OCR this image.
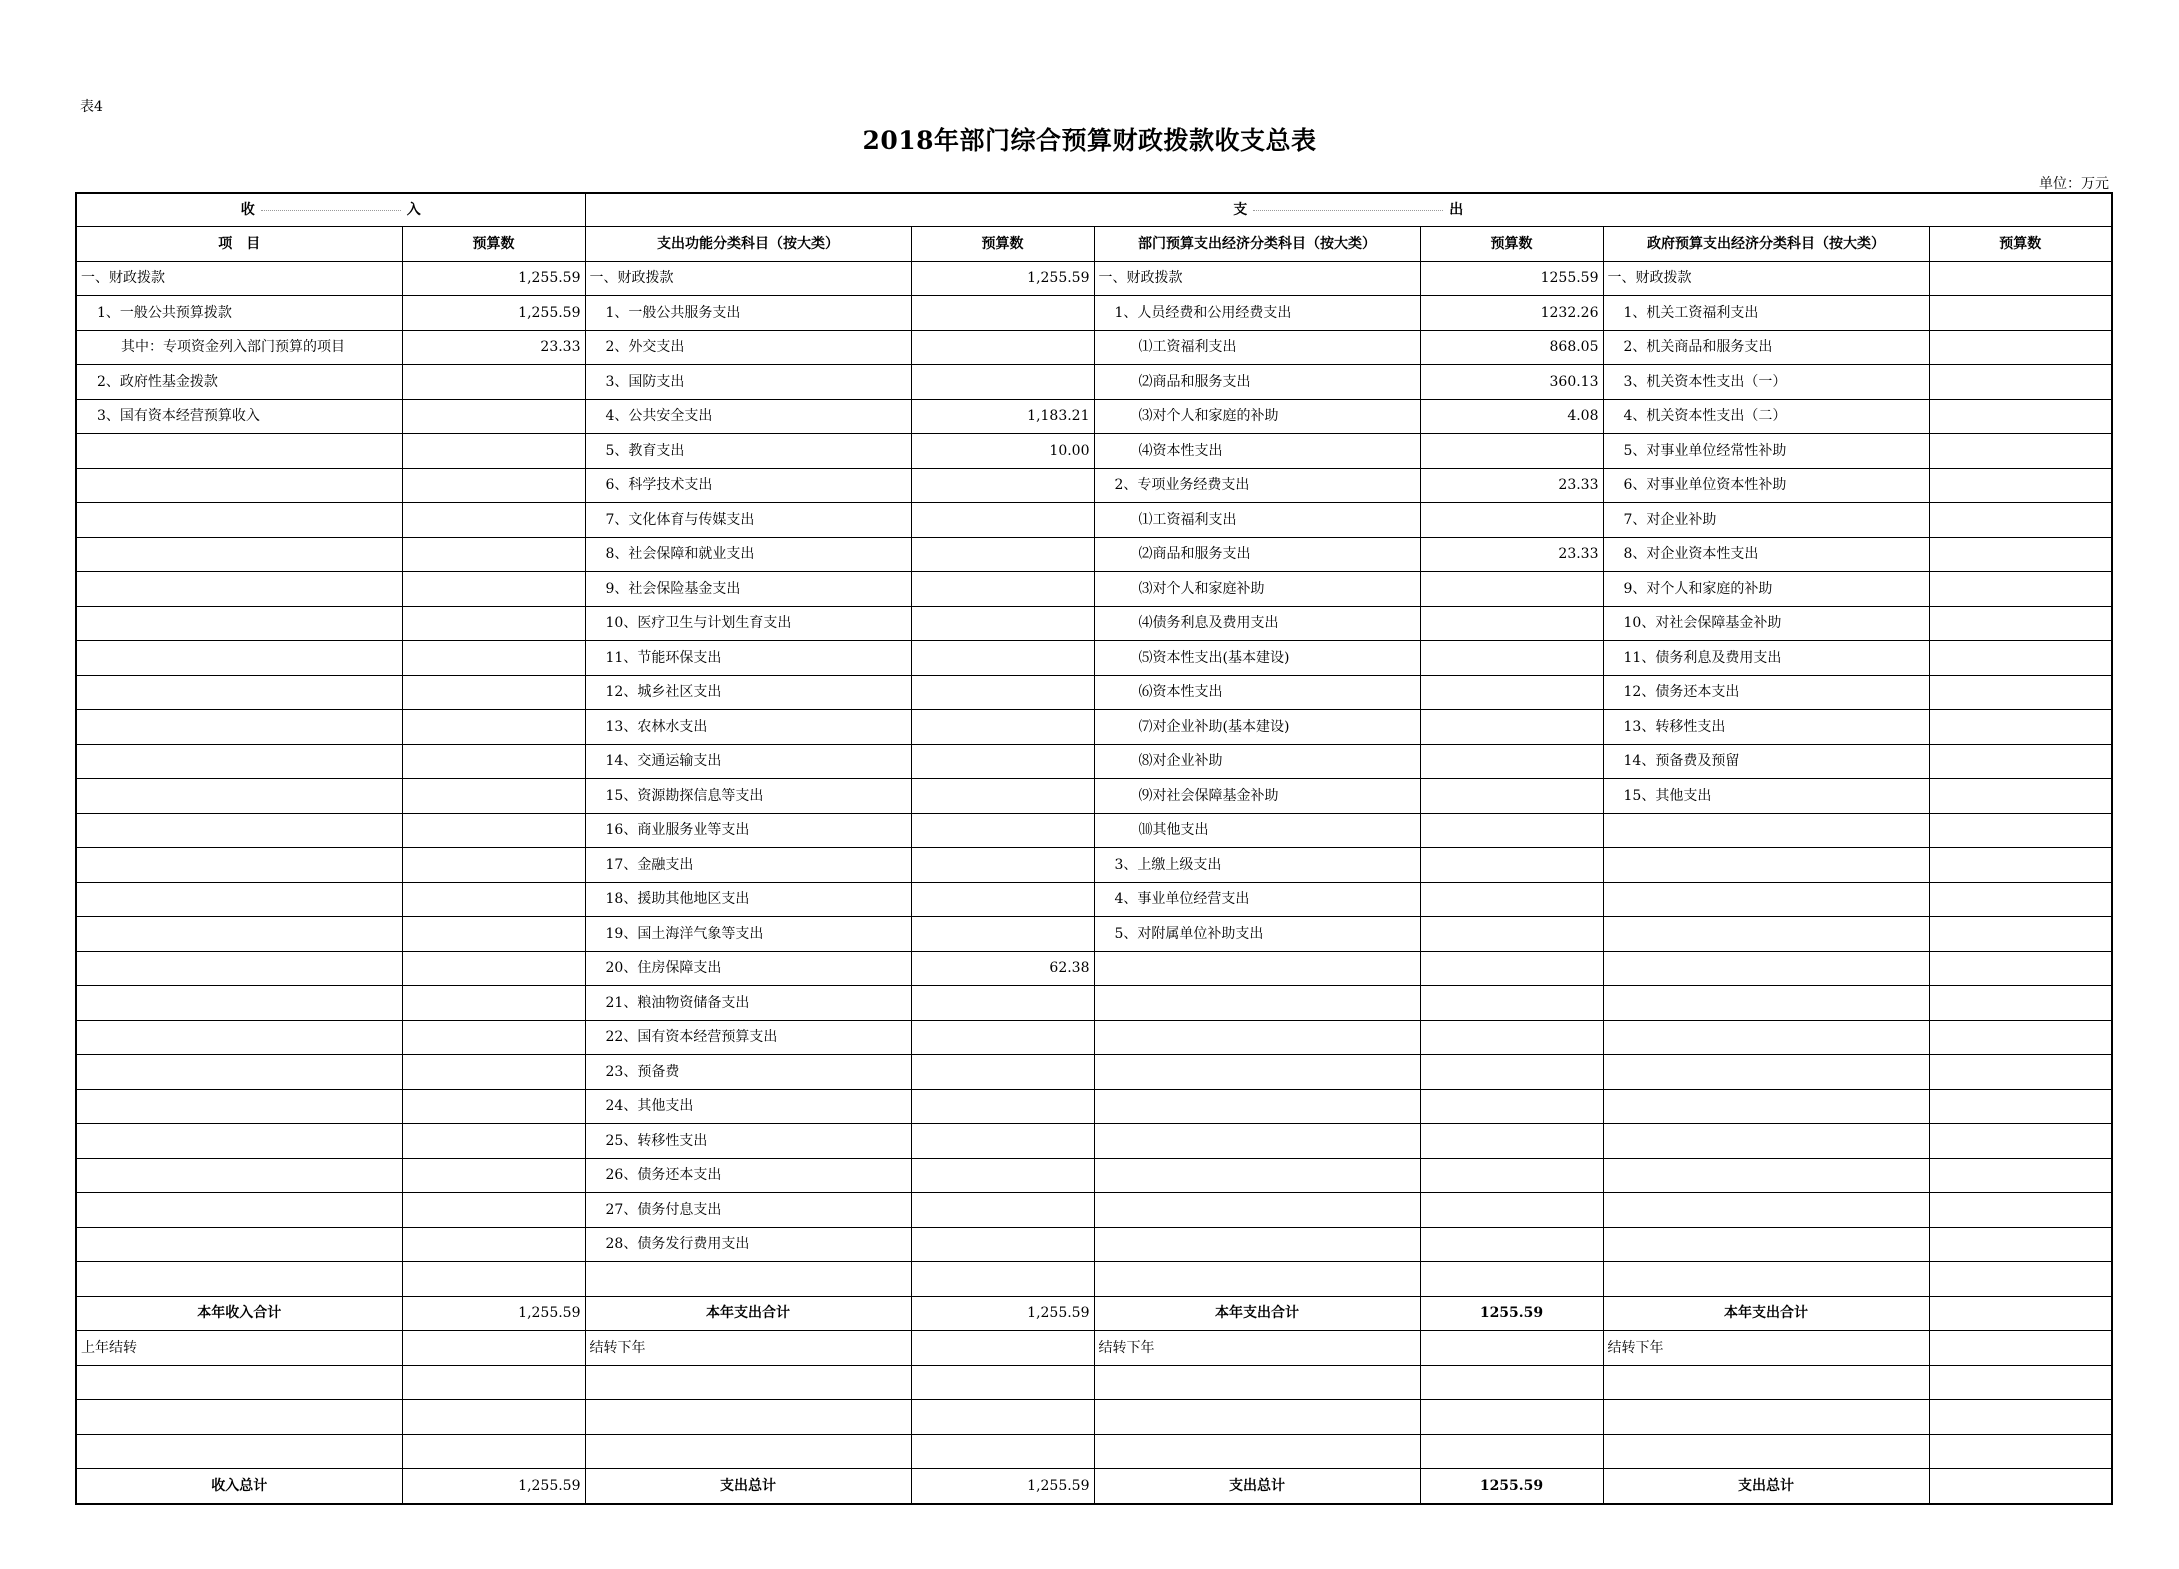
表4
2018年部门综合预算财政拨款收支总表
单位：万元
收 入		支 出					
项　目	预算数	支出功能分类科目（按大类）	预算数	部门预算支出经济分类科目（按大类）	预算数	政府预算支出经济分类科目（按大类）	预算数
一、财政拨款	1,255.59	一、财政拨款	1,255.59	一、财政拨款	1255.59	一、财政拨款	
1、一般公共预算拨款	1,255.59	1、一般公共服务支出		1、人员经费和公用经费支出	1232.26	1、机关工资福利支出	
其中：专项资金列入部门预算的项目	23.33	2、外交支出		⑴工资福利支出	868.05	2、机关商品和服务支出	
2、政府性基金拨款		3、国防支出		⑵商品和服务支出	360.13	3、机关资本性支出（一）	
3、国有资本经营预算收入		4、公共安全支出	1,183.21	⑶对个人和家庭的补助	4.08	4、机关资本性支出（二）	
		5、教育支出	10.00	⑷资本性支出		5、对事业单位经常性补助	
		6、科学技术支出		2、专项业务经费支出	23.33	6、对事业单位资本性补助	
		7、文化体育与传媒支出		⑴工资福利支出		7、对企业补助	
		8、社会保障和就业支出		⑵商品和服务支出	23.33	8、对企业资本性支出	
		9、社会保险基金支出		⑶对个人和家庭补助		9、对个人和家庭的补助	
		10、医疗卫生与计划生育支出		⑷债务利息及费用支出		10、对社会保障基金补助	
		11、节能环保支出		⑸资本性支出(基本建设)		11、债务利息及费用支出	
		12、城乡社区支出		⑹资本性支出		12、债务还本支出	
		13、农林水支出		⑺对企业补助(基本建设)		13、转移性支出	
		14、交通运输支出		⑻对企业补助		14、预备费及预留	
		15、资源勘探信息等支出		⑼对社会保障基金补助		15、其他支出	
		16、商业服务业等支出		⑽其他支出			
		17、金融支出		3、上缴上级支出			
		18、援助其他地区支出		4、事业单位经营支出			
		19、国土海洋气象等支出		5、对附属单位补助支出			
		20、住房保障支出	62.38				
		21、粮油物资储备支出					
		22、国有资本经营预算支出					
		23、预备费					
		24、其他支出					
		25、转移性支出					
		26、债务还本支出					
		27、债务付息支出					
		28、债务发行费用支出					

本年收入合计	1,255.59	本年支出合计	1,255.59	本年支出合计	1255.59	本年支出合计	
上年结转		结转下年		结转下年		结转下年	

收入总计	1,255.59	支出总计	1,255.59	支出总计	1255.59	支出总计	
